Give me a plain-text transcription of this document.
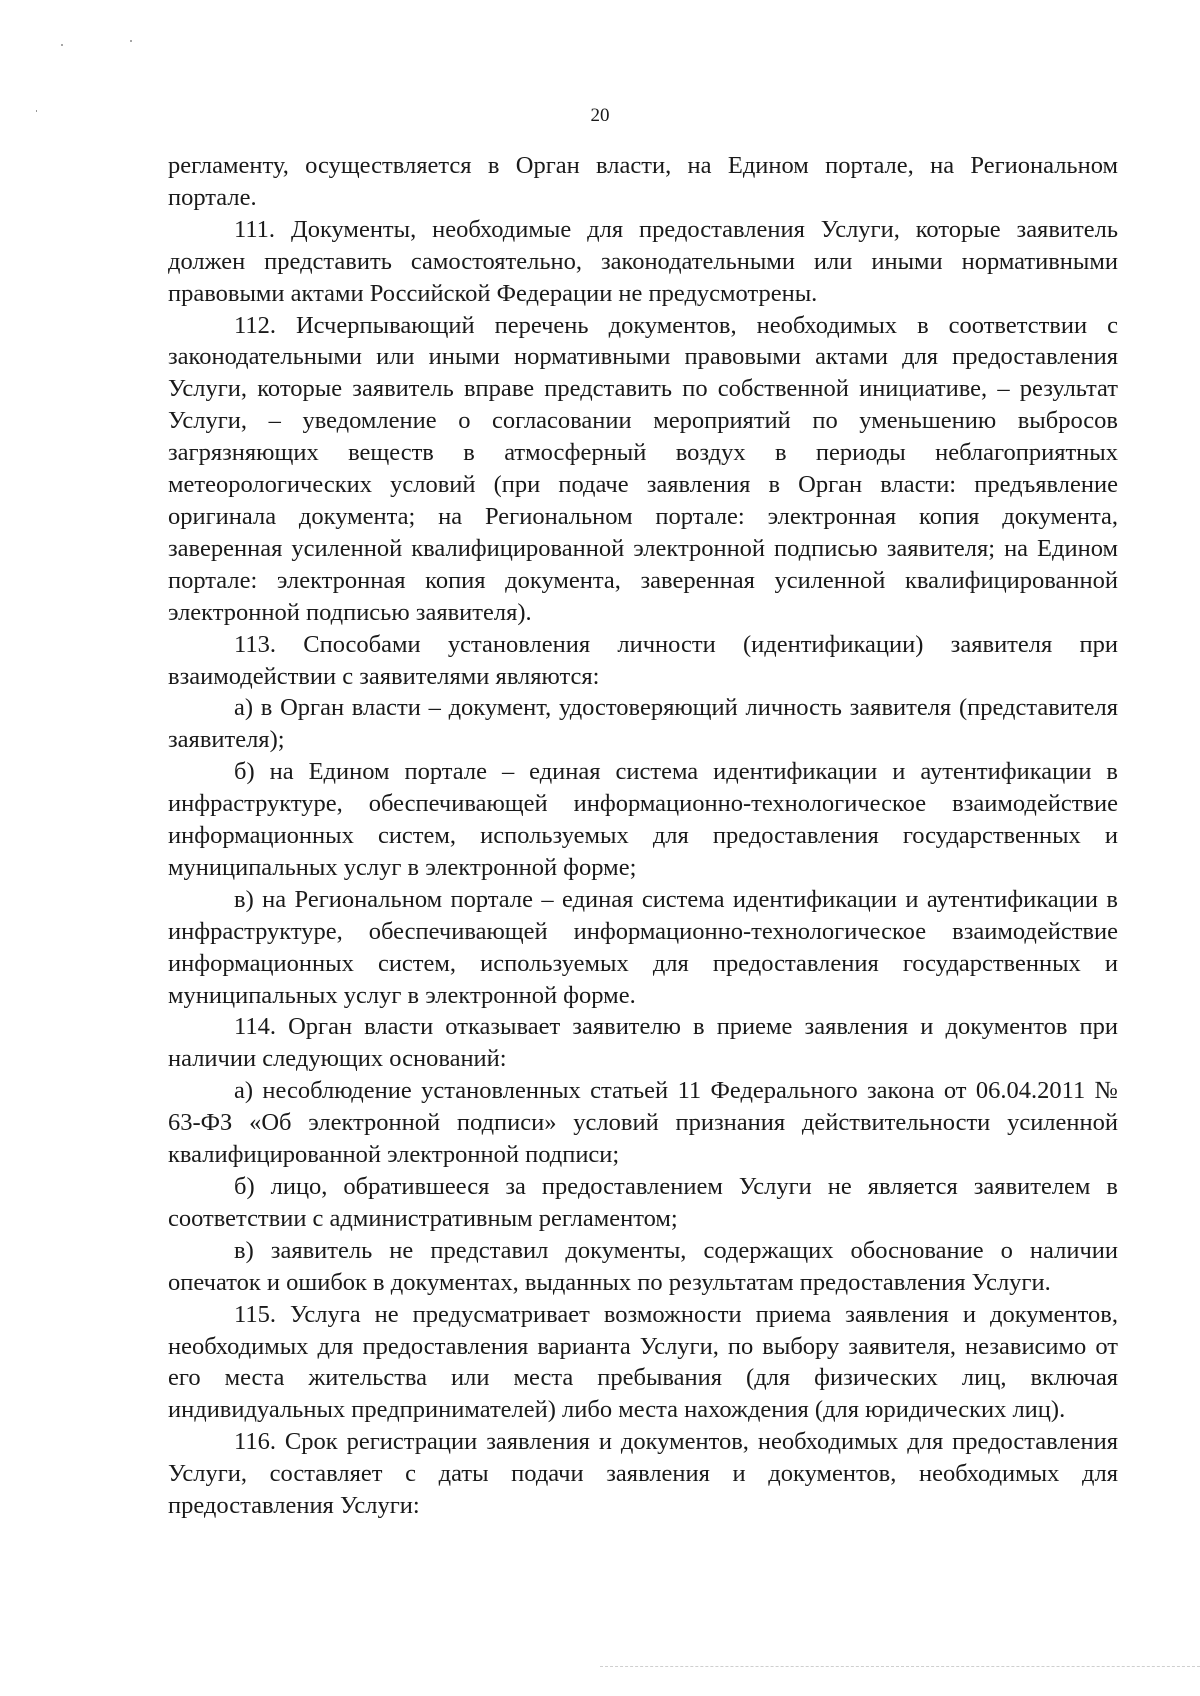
20

регламенту, осуществляется в Орган власти, на Едином портале, на Региональном портале.

111. Документы, необходимые для предоставления Услуги, которые заявитель должен представить самостоятельно, законодательными или иными нормативными правовыми актами Российской Федерации не предусмотрены.

112. Исчерпывающий перечень документов, необходимых в соответствии с законодательными или иными нормативными правовыми актами для предоставления Услуги, которые заявитель вправе представить по собственной инициативе, – результат Услуги, – уведомление о согласовании мероприятий по уменьшению выбросов загрязняющих веществ в атмосферный воздух в периоды неблагоприятных метеорологических условий (при подаче заявления в Орган власти: предъявление оригинала документа; на Региональном портале: электронная копия документа, заверенная усиленной квалифицированной электронной подписью заявителя; на Едином портале: электронная копия документа, заверенная усиленной квалифицированной электронной подписью заявителя).

113. Способами установления личности (идентификации) заявителя при взаимодействии с заявителями являются:

а) в Орган власти – документ, удостоверяющий личность заявителя (представителя заявителя);

б) на Едином портале – единая система идентификации и аутентификации в инфраструктуре, обеспечивающей информационно-технологическое взаимодействие информационных систем, используемых для предоставления государственных и муниципальных услуг в электронной форме;

в) на Региональном портале – единая система идентификации и аутентификации в инфраструктуре, обеспечивающей информационно-технологическое взаимодействие информационных систем, используемых для предоставления государственных и муниципальных услуг в электронной форме.

114. Орган власти отказывает заявителю в приеме заявления и документов при наличии следующих оснований:

а) несоблюдение установленных статьей 11 Федерального закона от 06.04.2011 № 63-ФЗ «Об электронной подписи» условий признания действительности усиленной квалифицированной электронной подписи;

б) лицо, обратившееся за предоставлением Услуги не является заявителем в соответствии с административным регламентом;

в) заявитель не представил документы, содержащих обоснование о наличии опечаток и ошибок в документах, выданных по результатам предоставления Услуги.

115. Услуга не предусматривает возможности приема заявления и документов, необходимых для предоставления варианта Услуги, по выбору заявителя, независимо от его места жительства или места пребывания (для физических лиц, включая индивидуальных предпринимателей) либо места нахождения (для юридических лиц).

116. Срок регистрации заявления и документов, необходимых для предоставления Услуги, составляет с даты подачи заявления и документов, необходимых для предоставления Услуги:
